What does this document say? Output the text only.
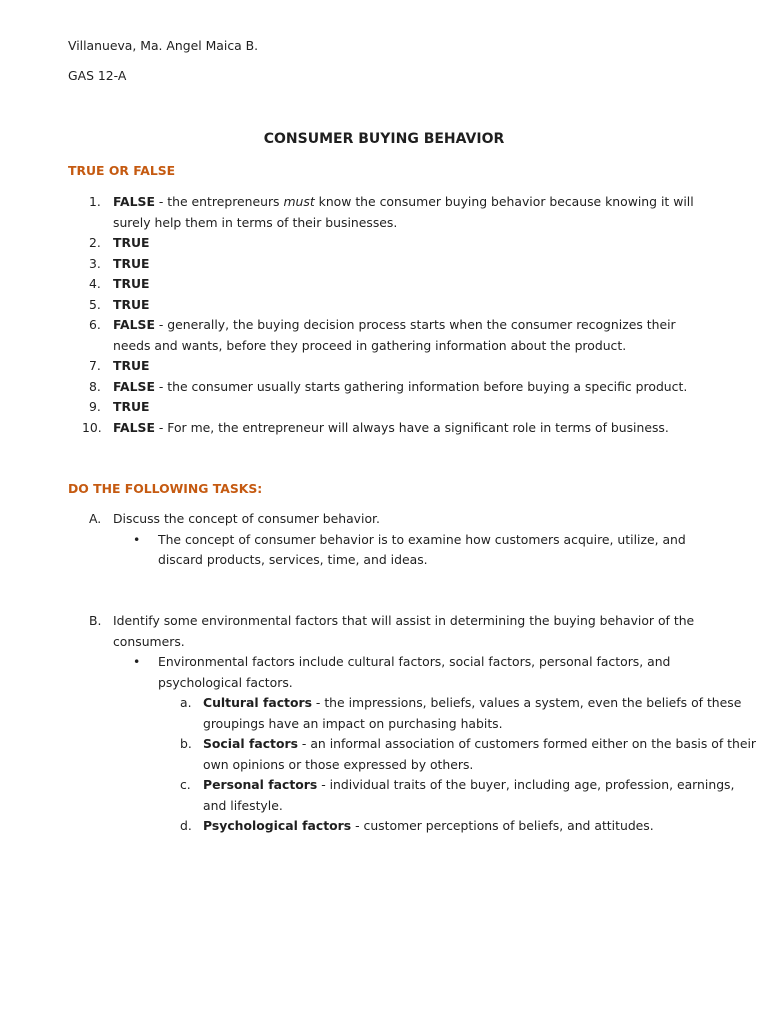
Villanueva, Ma. Angel Maica B.
GAS 12-A
CONSUMER BUYING BEHAVIOR
TRUE OR FALSE
1. FALSE - the entrepreneurs must know the consumer buying behavior because knowing it will surely help them in terms of their businesses.
2. TRUE
3. TRUE
4. TRUE
5. TRUE
6. FALSE - generally, the buying decision process starts when the consumer recognizes their needs and wants, before they proceed in gathering information about the product.
7. TRUE
8. FALSE - the consumer usually starts gathering information before buying a specific product.
9. TRUE
10. FALSE - For me, the entrepreneur will always have a significant role in terms of business.
DO THE FOLLOWING TASKS:
A. Discuss the concept of consumer behavior.
• The concept of consumer behavior is to examine how customers acquire, utilize, and discard products, services, time, and ideas.
B. Identify some environmental factors that will assist in determining the buying behavior of the consumers.
• Environmental factors include cultural factors, social factors, personal factors, and psychological factors.
a. Cultural factors - the impressions, beliefs, values a system, even the beliefs of these groupings have an impact on purchasing habits.
b. Social factors - an informal association of customers formed either on the basis of their own opinions or those expressed by others.
c. Personal factors - individual traits of the buyer, including age, profession, earnings, and lifestyle.
d. Psychological factors - customer perceptions of beliefs, and attitudes.
